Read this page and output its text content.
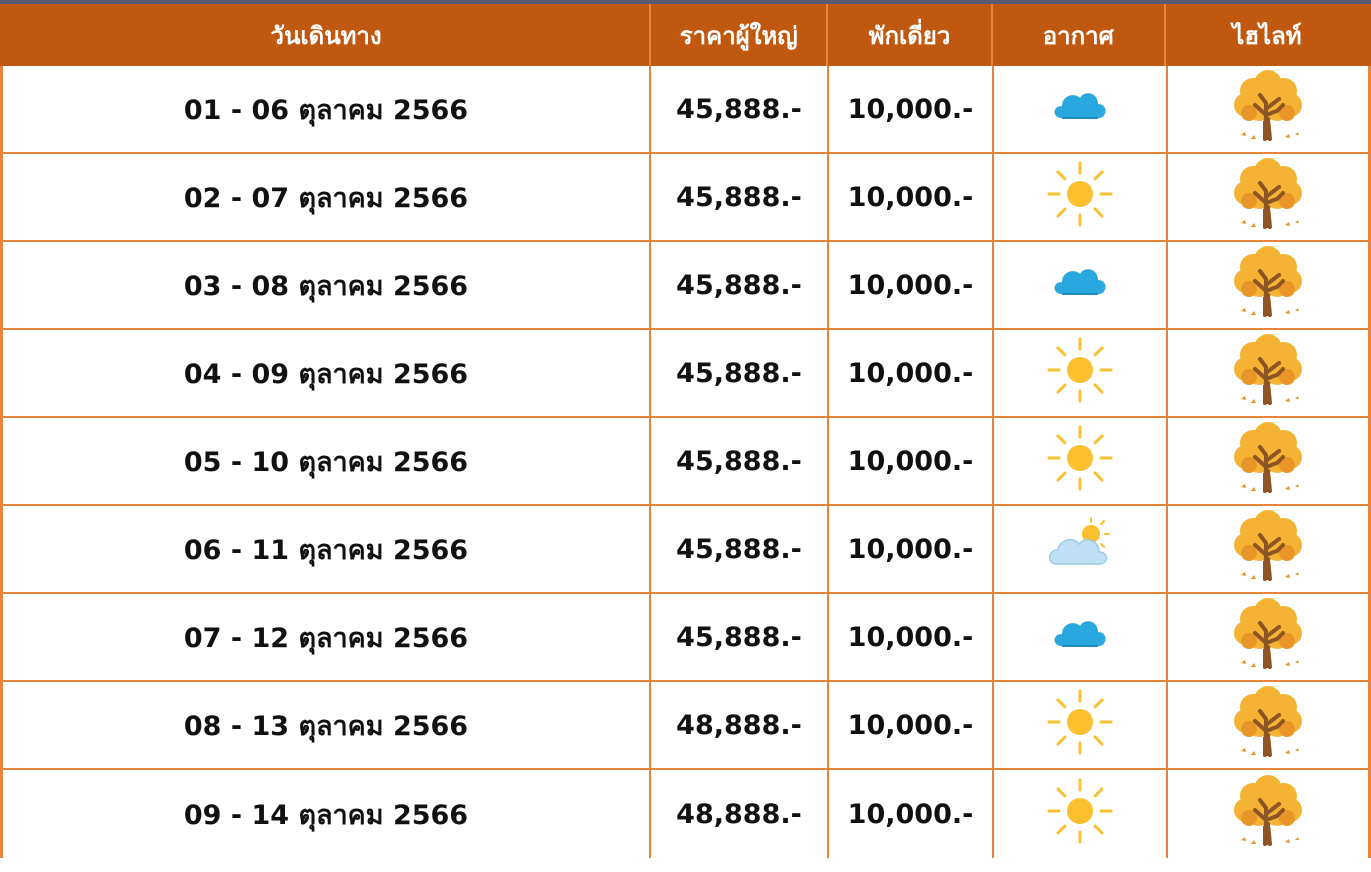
วันเดินทาง	ราคาผู้ใหญ่	พักเดี่ยว	อากาศ	ไฮไลท์
01 - 06 ตุลาคม 2566	45,888.-	10,000.-
02 - 07 ตุลาคม 2566	45,888.-	10,000.-
03 - 08 ตุลาคม 2566	45,888.-	10,000.-
04 - 09 ตุลาคม 2566	45,888.-	10,000.-
05 - 10 ตุลาคม 2566	45,888.-	10,000.-
06 - 11 ตุลาคม 2566	45,888.-	10,000.-
07 - 12 ตุลาคม 2566	45,888.-	10,000.-
08 - 13 ตุลาคม 2566	48,888.-	10,000.-
09 - 14 ตุลาคม 2566	48,888.-	10,000.-
